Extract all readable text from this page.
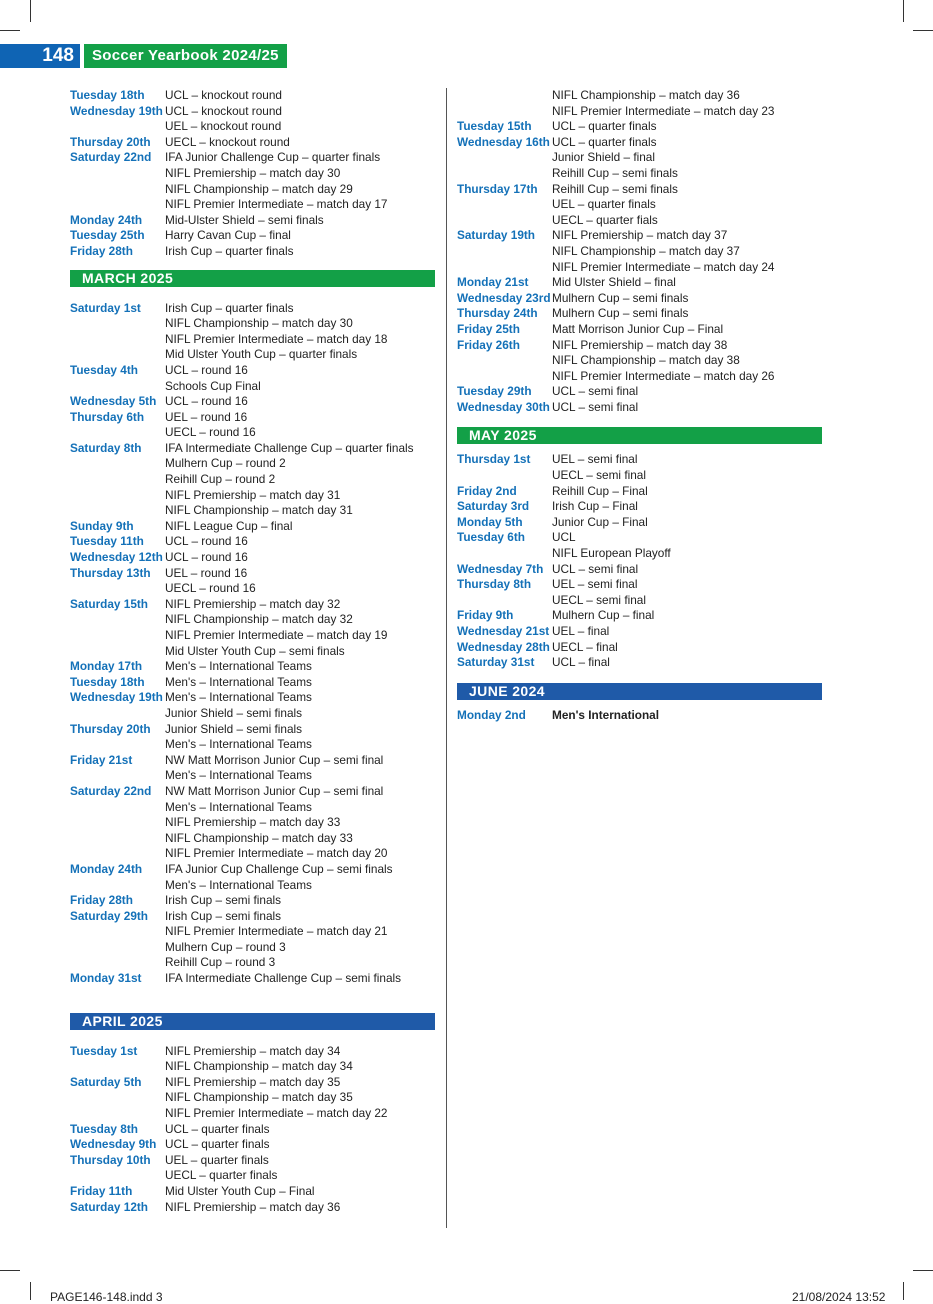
148	Soccer Yearbook 2024/25
Tuesday 18th	UCL – knockout round
Wednesday 19th UCL – knockout round
UEL – knockout round
Thursday 20th	UECL – knockout round
Saturday 22nd	IFA Junior Challenge Cup – quarter finals
NIFL Premiership – match day 30
NIFL Championship – match day 29
NIFL Premier Intermediate – match day 17
Monday 24th	Mid-Ulster Shield – semi finals
Tuesday 25th	Harry Cavan Cup – final
Friday 28th	Irish Cup – quarter finals
MARCH 2025
Saturday 1st	Irish Cup – quarter finals
NIFL Championship – match day 30
NIFL Premier Intermediate – match day 18
Mid Ulster Youth Cup – quarter finals
Tuesday 4th	UCL – round 16
Schools Cup Final
Wednesday 5th UCL – round 16
Thursday 6th	UEL – round 16
UECL – round 16
Saturday 8th	IFA Intermediate Challenge Cup – quarter finals
Mulhern Cup – round 2
Reihill Cup – round 2
NIFL Premiership – match day 31
NIFL Championship – match day 31
Sunday 9th	NIFL League Cup – final
Tuesday 11th	UCL – round 16
Wednesday 12th UCL – round 16
Thursday 13th	UEL – round 16
UECL – round 16
Saturday 15th	NIFL Premiership – match day 32
NIFL Championship – match day 32
NIFL Premier Intermediate – match day 19
Mid Ulster Youth Cup – semi finals
Monday 17th	Men's – International Teams
Tuesday 18th	Men's – International Teams
Wednesday 19th Men's – International Teams
Junior Shield – semi finals
Thursday 20th	Junior Shield – semi finals
Men's – International Teams
Friday 21st	NW Matt Morrison Junior Cup – semi final
Men's – International Teams
Saturday 22nd	NW Matt Morrison Junior Cup – semi final
Men's – International Teams
NIFL Premiership – match day 33
NIFL Championship – match day 33
NIFL Premier Intermediate – match day 20
Monday 24th	IFA Junior Cup Challenge Cup – semi finals
Men's – International Teams
Friday 28th	Irish Cup – semi finals
Saturday 29th	Irish Cup – semi finals
NIFL Premier Intermediate – match day 21
Mulhern Cup – round 3
Reihill Cup – round 3
Monday 31st	IFA Intermediate Challenge Cup – semi finals
APRIL 2025
Tuesday 1st	NIFL Premiership – match day 34
NIFL Championship – match day 34
Saturday 5th	NIFL Premiership – match day 35
NIFL Championship – match day 35
NIFL Premier Intermediate – match day 22
Tuesday 8th	UCL – quarter finals
Wednesday 9th UCL – quarter finals
Thursday 10th	UEL – quarter finals
UECL – quarter finals
Friday 11th	Mid Ulster Youth Cup – Final
Saturday 12th	NIFL Premiership – match day 36
NIFL Championship – match day 36
NIFL Premier Intermediate – match day 23
Tuesday 15th	UCL – quarter finals
Wednesday 16th UCL – quarter finals
Junior Shield – final
Reihill Cup – semi finals
Thursday 17th	Reihill Cup – semi finals
UEL – quarter finals
UECL – quarter fials
Saturday 19th	NIFL Premiership – match day 37
NIFL Championship – match day 37
NIFL Premier Intermediate – match day 24
Monday 21st	Mid Ulster Shield – final
Wednesday 23rd Mulhern Cup – semi finals
Thursday 24th	Mulhern Cup – semi finals
Friday 25th	Matt Morrison Junior Cup – Final
Friday 26th	NIFL Premiership – match day 38
NIFL Championship – match day 38
NIFL Premier Intermediate – match day 26
Tuesday 29th	UCL – semi final
Wednesday 30th UCL – semi final
MAY 2025
Thursday 1st	UEL – semi final
UECL – semi final
Friday 2nd	Reihill Cup – Final
Saturday 3rd	Irish Cup – Final
Monday 5th	Junior Cup – Final
Tuesday 6th	UCL
NIFL European Playoff
Wednesday 7th UCL – semi final
Thursday 8th	UEL – semi final
UECL – semi final
Friday 9th	Mulhern Cup – final
Wednesday 21st UEL – final
Wednesday 28th UECL – final
Saturday 31st	UCL – final
JUNE 2024
Monday 2nd	Men's International
PAGE146-148.indd 3	21/08/2024 13:52
